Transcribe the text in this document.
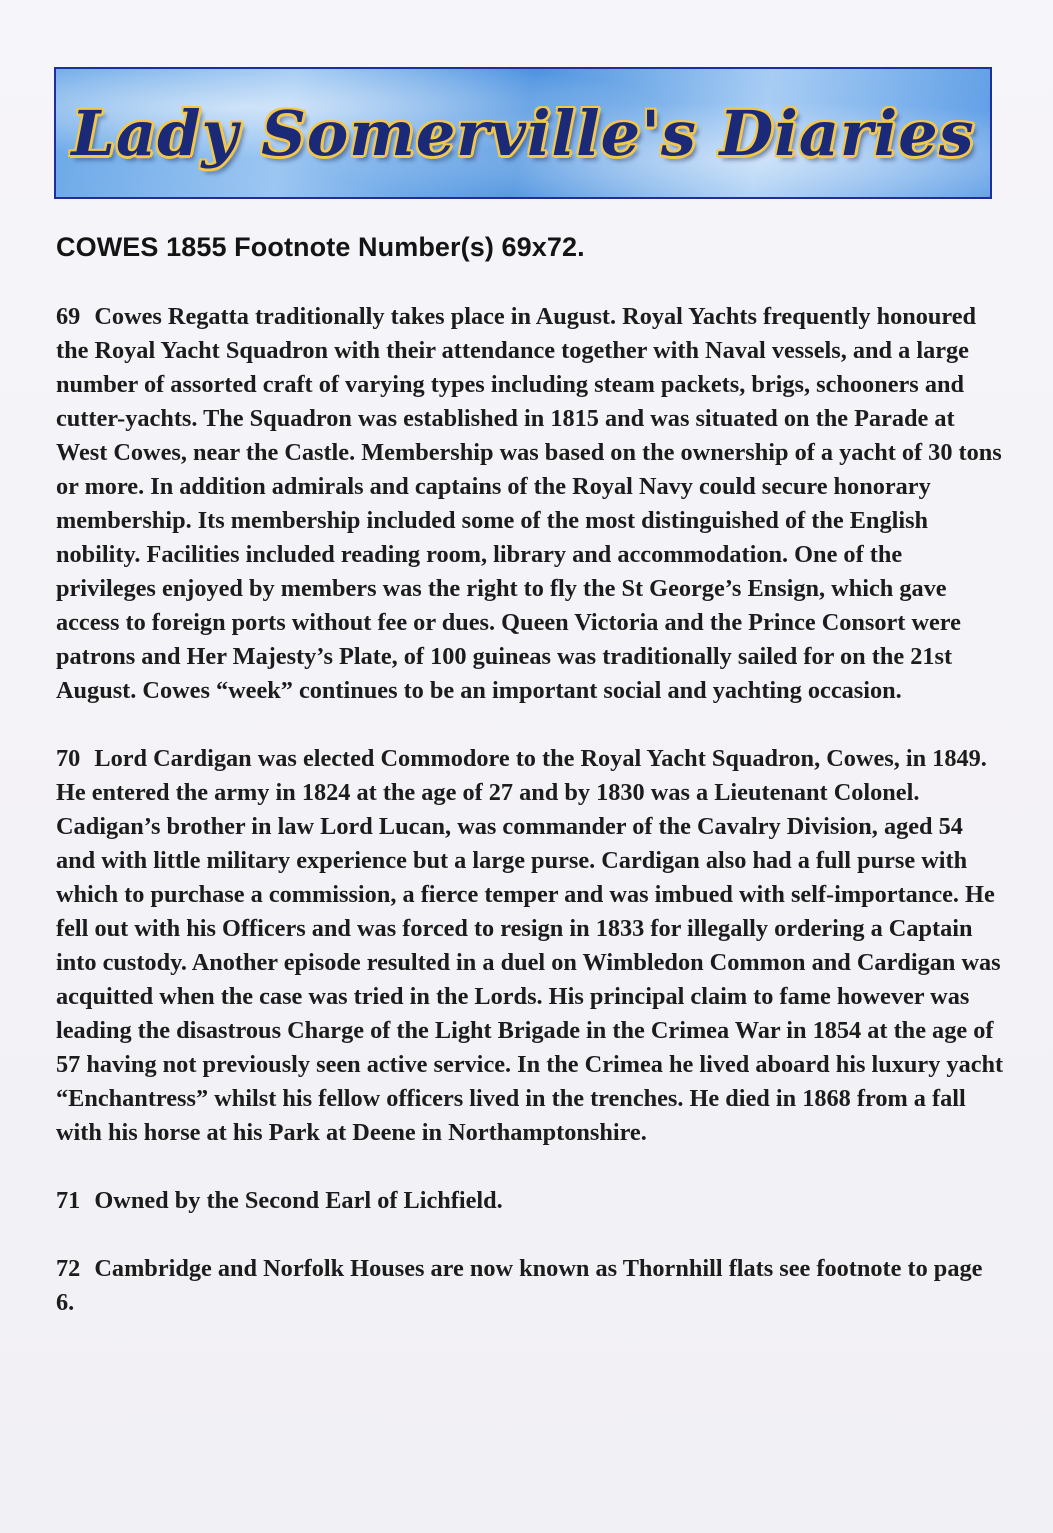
Lady Somerville's Diaries
COWES 1855 Footnote Number(s) 69x72.

69 Cowes Regatta traditionally takes place in August. Royal Yachts frequently honoured the Royal Yacht Squadron with their attendance together with Naval vessels, and a large number of assorted craft of varying types including steam packets, brigs, schooners and cutter-yachts. The Squadron was established in 1815 and was situated on the Parade at West Cowes, near the Castle. Membership was based on the ownership of a yacht of 30 tons or more. In addition admirals and captains of the Royal Navy could secure honorary membership. Its membership included some of the most distinguished of the English nobility. Facilities included reading room, library and accommodation. One of the privileges enjoyed by members was the right to fly the St George’s Ensign, which gave access to foreign ports without fee or dues. Queen Victoria and the Prince Consort were patrons and Her Majesty’s Plate, of 100 guineas was traditionally sailed for on the 21st August. Cowes “week” continues to be an important social and yachting occasion.

70 Lord Cardigan was elected Commodore to the Royal Yacht Squadron, Cowes, in 1849. He entered the army in 1824 at the age of 27 and by 1830 was a Lieutenant Colonel. Cadigan’s brother in law Lord Lucan, was commander of the Cavalry Division, aged 54 and with little military experience but a large purse. Cardigan also had a full purse with which to purchase a commission, a fierce temper and was imbued with self-importance. He fell out with his Officers and was forced to resign in 1833 for illegally ordering a Captain into custody. Another episode resulted in a duel on Wimbledon Common and Cardigan was acquitted when the case was tried in the Lords. His principal claim to fame however was leading the disastrous Charge of the Light Brigade in the Crimea War in 1854 at the age of 57 having not previously seen active service. In the Crimea he lived aboard his luxury yacht “Enchantress” whilst his fellow officers lived in the trenches. He died in 1868 from a fall with his horse at his Park at Deene in Northamptonshire.

71 Owned by the Second Earl of Lichfield.

72 Cambridge and Norfolk Houses are now known as Thornhill flats see footnote to page 6.
